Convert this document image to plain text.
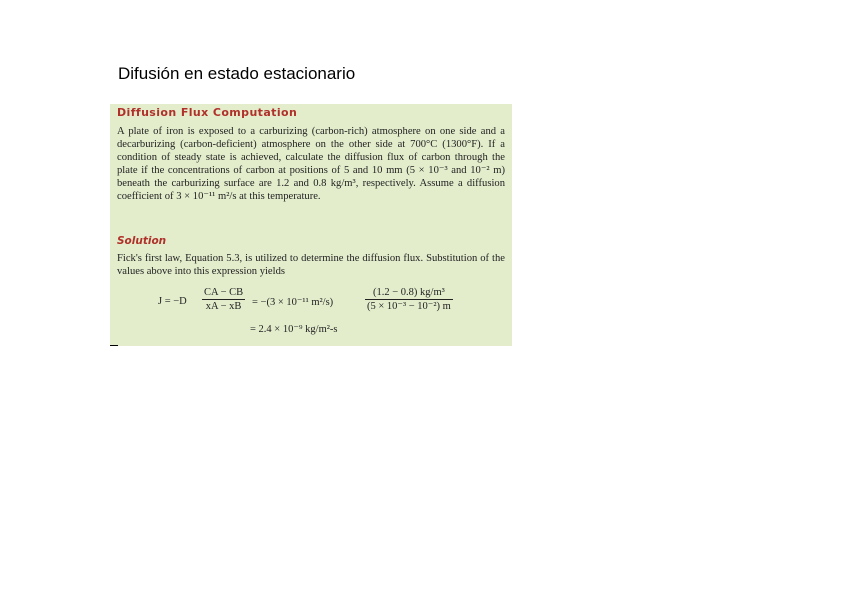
Difusión en estado estacionario
Diffusion Flux Computation

A plate of iron is exposed to a carburizing (carbon-rich) atmosphere on one side and a decarburizing (carbon-deficient) atmosphere on the other side at 700°C (1300°F). If a condition of steady state is achieved, calculate the diffusion flux of carbon through the plate if the concentrations of carbon at positions of 5 and 10 mm (5 × 10⁻³ and 10⁻² m) beneath the carburizing surface are 1.2 and 0.8 kg/m³, respectively. Assume a diffusion coefficient of 3 × 10⁻¹¹ m²/s at this temperature.

Solution

Fick's first law, Equation 5.3, is utilized to determine the diffusion flux. Substitution of the values above into this expression yields

$J = -D \frac{CA - CB}{xA - xB} = -(3 \times 10^{-11}$ m²/s)	$\frac{\text{(1.2 − 0.8) kg/m³}}{\text{(5 × 10⁻³ − 10⁻²) m}}$
= 2.4 × 10⁻⁹ kg/m²-s
